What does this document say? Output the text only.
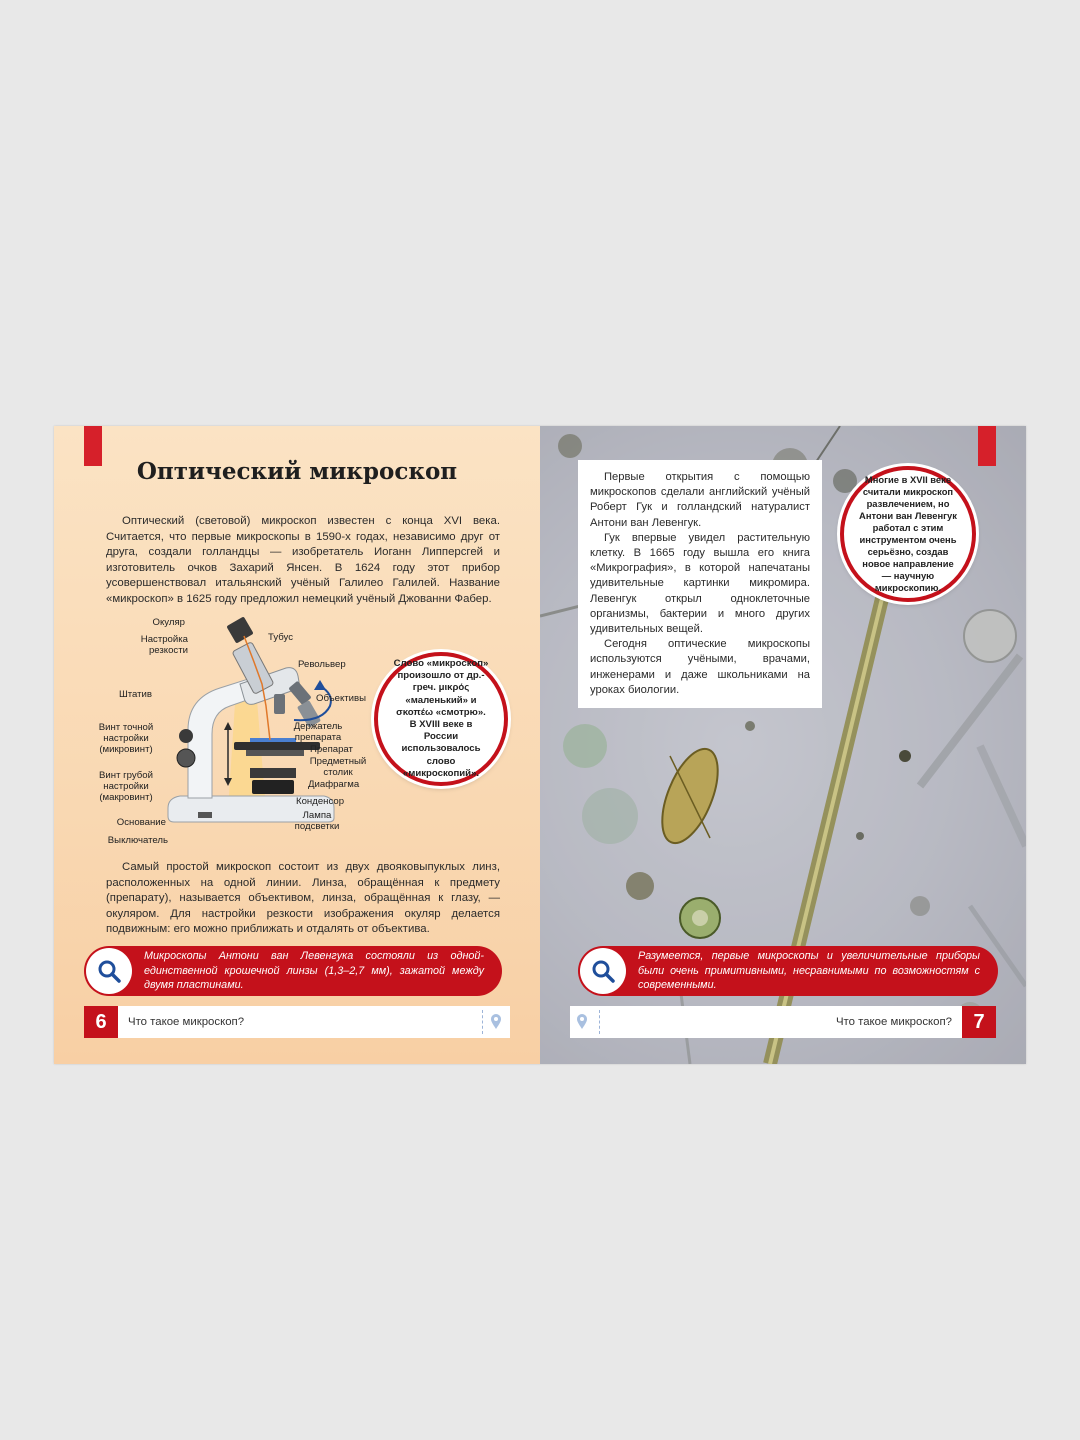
Оптический микроскоп

Оптический (световой) микроскоп известен с конца XVI века. Считается, что первые микроскопы в 1590-х годах, независимо друг от друга, создали голландцы — изобретатель Иоганн Липперсгей и изготовитель очков Захарий Янсен. В 1624 году этот прибор усовершенствовал итальянский учёный Галилео Галилей. Название «микроскоп» в 1625 году предложил немецкий учёный Джованни Фабер.

Окуляр
Настройка резкости
Штатив
Винт точной настройки (микровинт)
Винт грубой настройки (макровинт)
Основание
Выключатель
Тубус
Револьвер
Объективы
Держатель препарата
Препарат
Предметный столик
Диафрагма
Конденсор
Лампа подсветки
Слово «микроскоп» произошло от др.-греч. μικρός «маленький» и σκοπέω «смотрю». В XVIII веке в России использовалось слово «микроскопий».

Самый простой микроскоп состоит из двух двояковыпуклых линз, расположенных на одной линии. Линза, обращённая к предмету (препарату), называется объективом, линза, обращённая к глазу, — окуляром. Для настройки резкости изображения окуляр делается подвижным: его можно приближать и отдалять от объектива.

Микроскопы Антони ван Левенгука состояли из одной-единственной крошечной линзы (1,3–2,7 мм), зажатой между двумя пластинами.
6	Что такое микроскоп?

Первые открытия с помощью микроскопов сделали английский учёный Роберт Гук и голландский натуралист Антони ван Левенгук.

Гук впервые увидел растительную клетку. В 1665 году вышла его книга «Микрография», в которой напечатаны удивительные картинки микромира. Левенгук открыл одноклеточные организмы, бактерии и много других удивительных вещей.

Сегодня оптические микроскопы используются учёными, врачами, инженерами и даже школьниками на уроках биологии.

Многие в XVII веке считали микроскоп развлечением, но Антони ван Левенгук работал с этим инструментом очень серьёзно, создав новое направление — научную микроскопию.
Разумеется, первые микроскопы и увеличительные приборы были очень примитивными, несравнимыми по возможностям с современными.
Что такое микроскоп?	7
